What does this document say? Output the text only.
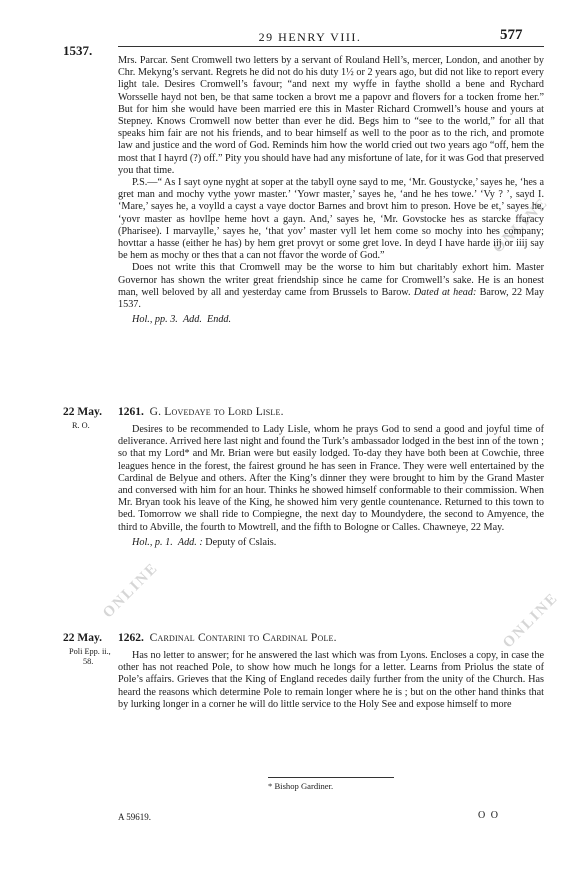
ONLINE
ONLINE	ONLINE
29 HENRY VIII.	577
1537.

Mrs. Parcar. Sent Cromwell two letters by a servant of Rouland Hell’s, mercer, London, and another by Chr. Mekyng’s servant. Regrets he did not do his duty 1½ or 2 years ago, but did not like to report every light tale. Desires Cromwell’s favour; “and next my wyffe in faythe sholld a bene and Rychard Worsselle hayd not ben, be that same tocken a brovt me a papovr and flovers for a tocken frome her.” But for him she would have been married ere this in Master Richard Cromwell’s house and yours at Stepney. Knows Cromwell now better than ever he did. Begs him to “see to the world,” for all that speaks him fair are not his friends, and to bear himself as well to the poor as to the rich, and promote law and justice and the word of God. Reminds him how the world cried out two years ago “off, hem the most that I hayrd (?) off.” Pity you should have had any misfortune of late, for it was God that preserved you that time.

P.S.—“ As I sayt oyne nyght at soper at the tabyll oyne sayd to me, ‘Mr. Goustycke,’ sayes he, ‘hes a gret man and mochy vythe yowr master.’ ‘Yowr master,’ sayes he, ‘and he hes towe.’ ‘Vy ? ’, sayd I. ‘Mare,’ sayes he, a voylld a cayst a vaye doctor Barnes and brovt him to preson. Hove be et,’ sayes he, ‘yovr master as hovllpe heme hovt a gayn. And,’ sayes he, ‘Mr. Govstocke hes as starcke ffaracy (Pharisee). I marvaylle,’ sayes he, ‘that yov’ master vyll let hem come so mochy into hes company; hovttar a hasse (either he has) by hem gret provyt or some gret love. In deyd I have harde iij or iiij say be hem as mochy or thes that a can not ffavor the worde of God.”

Does not write this that Cromwell may be the worse to him but charitably exhort him. Master Governor has shown the writer great friendship since he came for Cromwell’s sake. He is an honest man, well beloved by all and yesterday came from Brussels to Barow. Dated at head: Barow, 22 May 1537.

Hol., pp. 3. Add. Endd.

22 May.
R. O.
1261. G. Lovedaye to Lord Lisle.

Desires to be recommended to Lady Lisle, whom he prays God to send a good and joyful time of deliverance. Arrived here last night and found the Turk’s ambassador lodged in the best inn of the town ; so that my Lord* and Mr. Brian were but easily lodged. To-day they have both been at Cowchie, three leagues hence in the forest, the fairest ground he has seen in France. They were well entertained by the Cardinal de Belyue and others. After the King’s dinner they were brought to him by the Grand Master and conversed with him for an hour. Thinks he showed himself conformable to their commission. When Mr. Bryan took his leave of the King, he showed him very gentle countenance. Returned to this town to bed. Tomorrow we shall ride to Compiegne, the next day to Moundydere, the second to Amyence, the third to Abville, the fourth to Mowtrell, and the fifth to Bologne or Calles. Chawneye, 22 May.

Hol., p. 1. Add. : Deputy of Cslais.

22 May.
Poli Epp. ii.,
58.
1262. Cardinal Contarini to Cardinal Pole.

Has no letter to answer; for he answered the last which was from Lyons. Encloses a copy, in case the other has not reached Pole, to show how much he longs for a letter. Learns from Priolus the state of Pole’s affairs. Grieves that the King of England recedes daily further from the unity of the Church. Has heard the reasons which determine Pole to remain longer where he is ; but on the other hand thinks that by lurking longer in a corner he will do little service to the Holy See and expose himself to more

* Bishop Gardiner.
A 59619.	O O
